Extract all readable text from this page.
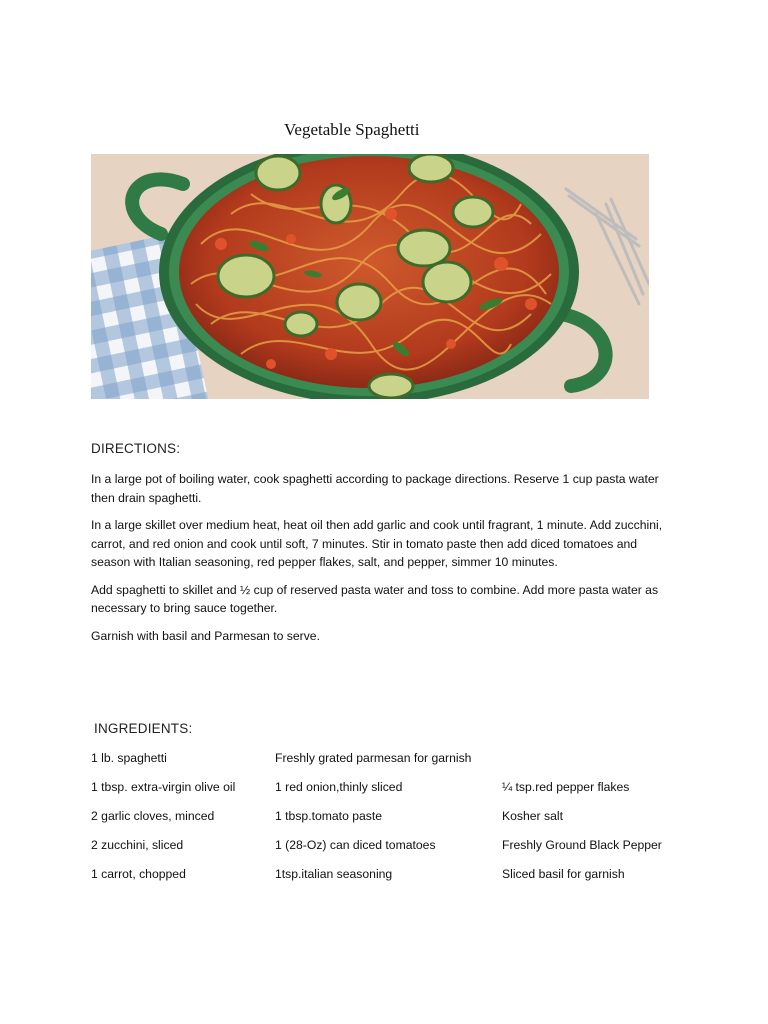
Vegetable Spaghetti
DIRECTIONS:

In a large pot of boiling water, cook spaghetti according to package directions. Reserve 1 cup pasta water then drain spaghetti.

In a large skillet over medium heat, heat oil then add garlic and cook until fragrant, 1 minute. Add zucchini, carrot, and red onion and cook until soft, 7 minutes. Stir in tomato paste then add diced tomatoes and season with Italian seasoning, red pepper flakes, salt, and pepper, simmer 10 minutes.

Add spaghetti to skillet and ½ cup of reserved pasta water and toss to combine. Add more pasta water as necessary to bring sauce together.

Garnish with basil and Parmesan to serve.

INGREDIENTS:
1 lb. spaghetti	Freshly grated parmesan for garnish
1 tbsp. extra-virgin olive oil	1 red onion,thinly sliced	¼ tsp.red pepper flakes
2 garlic cloves, minced	1 tbsp.tomato paste	Kosher salt
2 zucchini, sliced	1 (28-Oz) can diced tomatoes	Freshly Ground Black Pepper
1 carrot, chopped	1tsp.italian seasoning	Sliced basil for garnish
